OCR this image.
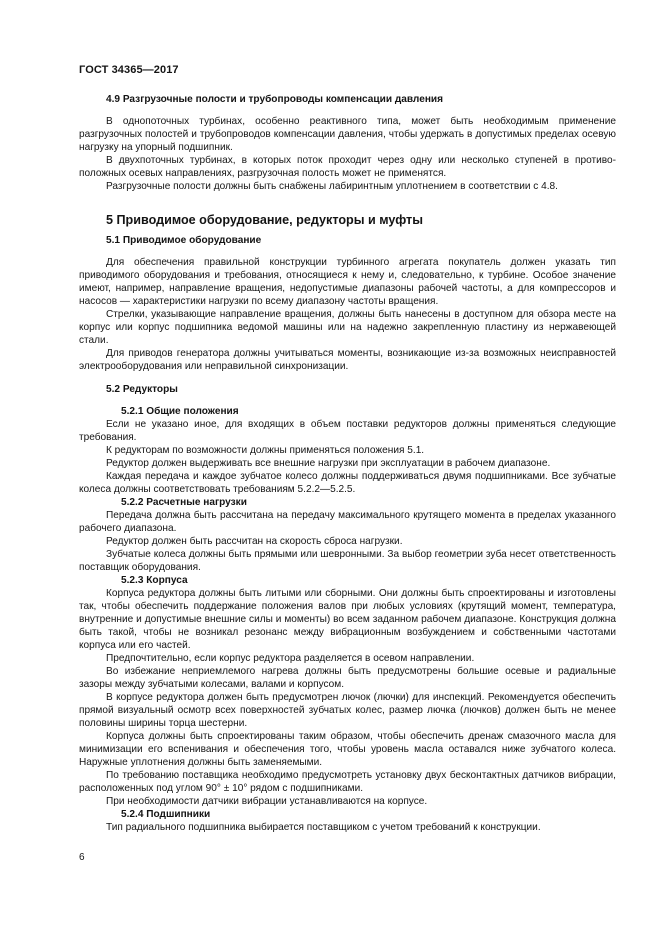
ГОСТ 34365—2017
4.9 Разгрузочные полости и трубопроводы компенсации давления

В однопоточных турбинах, особенно реактивного типа, может быть необходимым применение разгрузочных полостей и трубопроводов компенсации давления, чтобы удержать в допустимых пределах осевую нагрузку на упорный подшипник.

В двухпоточных турбинах, в которых поток проходит через одну или несколько ступеней в противоположных осевых направлениях, разгрузочная полость может не применятся.

Разгрузочные полости должны быть снабжены лабиринтным уплотнением в соответствии с 4.8.

5 Приводимое оборудование, редукторы и муфты
5.1 Приводимое оборудование

Для обеспечения правильной конструкции турбинного агрегата покупатель должен указать тип приводимого оборудования и требования, относящиеся к нему и, следовательно, к турбине. Особое значение имеют, например, направление вращения, недопустимые диапазоны рабочей частоты, а для компрессоров и насосов — характеристики нагрузки по всему диапазону частоты вращения.

Стрелки, указывающие направление вращения, должны быть нанесены в доступном для обзора месте на корпус или корпус подшипника ведомой машины или на надежно закрепленную пластину из нержавеющей стали.

Для приводов генератора должны учитываться моменты, возникающие из-за возможных неисправностей электрооборудования или неправильной синхронизации.

5.2 Редукторы
5.2.1 Общие положения

Если не указано иное, для входящих в объем поставки редукторов должны применяться следующие требования.

К редукторам по возможности должны применяться положения 5.1.

Редуктор должен выдерживать все внешние нагрузки при эксплуатации в рабочем диапазоне.

Каждая передача и каждое зубчатое колесо должны поддерживаться двумя подшипниками. Все зубчатые колеса должны соответствовать требованиям 5.2.2—5.2.5.

5.2.2 Расчетные нагрузки

Передача должна быть рассчитана на передачу максимального крутящего момента в пределах указанного рабочего диапазона.

Редуктор должен быть рассчитан на скорость сброса нагрузки.

Зубчатые колеса должны быть прямыми или шевронными. За выбор геометрии зуба несет ответственность поставщик оборудования.

5.2.3 Корпуса

Корпуса редуктора должны быть литыми или сборными. Они должны быть спроектированы и изготовлены так, чтобы обеспечить поддержание положения валов при любых условиях (крутящий момент, температура, внутренние и допустимые внешние силы и моменты) во всем заданном рабочем диапазоне. Конструкция должна быть такой, чтобы не возникал резонанс между вибрационным возбуждением и собственными частотами корпуса или его частей.

Предпочтительно, если корпус редуктора разделяется в осевом направлении.

Во избежание неприемлемого нагрева должны быть предусмотрены большие осевые и радиальные зазоры между зубчатыми колесами, валами и корпусом.

В корпусе редуктора должен быть предусмотрен лючок (лючки) для инспекций. Рекомендуется обеспечить прямой визуальный осмотр всех поверхностей зубчатых колес, размер лючка (лючков) должен быть не менее половины ширины торца шестерни.

Корпуса должны быть спроектированы таким образом, чтобы обеспечить дренаж смазочного масла для минимизации его вспенивания и обеспечения того, чтобы уровень масла оставался ниже зубчатого колеса. Наружные уплотнения должны быть заменяемыми.

По требованию поставщика необходимо предусмотреть установку двух бесконтактных датчиков вибрации, расположенных под углом 90° ± 10° рядом с подшипниками.

При необходимости датчики вибрации устанавливаются на корпусе.

5.2.4 Подшипники

Тип радиального подшипника выбирается поставщиком с учетом требований к конструкции.

6
